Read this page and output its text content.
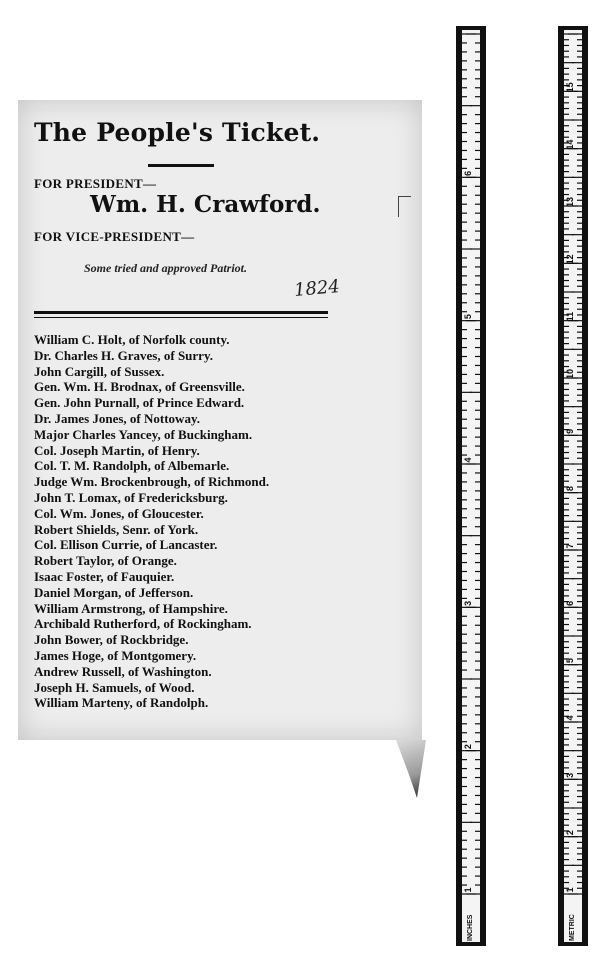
The People's Ticket.
FOR PRESIDENT—
Wm. H. Crawford.
FOR VICE-PRESIDENT—
Some tried and approved Patriot.
1824
William C. Holt, of Norfolk county.
Dr. Charles H. Graves, of Surry.
John Cargill, of Sussex.
Gen. Wm. H. Brodnax, of Greensville.
Gen. John Purnall, of Prince Edward.
Dr. James Jones, of Nottoway.
Major Charles Yancey, of Buckingham.
Col. Joseph Martin, of Henry.
Col. T. M. Randolph, of Albemarle.
Judge Wm. Brockenbrough, of Richmond.
John T. Lomax, of Fredericksburg.
Col. Wm. Jones, of Gloucester.
Robert Shields, Senr. of York.
Col. Ellison Currie, of Lancaster.
Robert Taylor, of Orange.
Isaac Foster, of Fauquier.
Daniel Morgan, of Jefferson.
William Armstrong, of Hampshire.
Archibald Rutherford, of Rockingham.
John Bower, of Rockbridge.
James Hoge, of Montgomery.
Andrew Russell, of Washington.
Joseph H. Samuels, of Wood.
William Marteny, of Randolph.
6
5
4
3
2
1
INCHES
15
14
13
12
11
10
9
8
7
6
5
4
3
2
1
METRIC
